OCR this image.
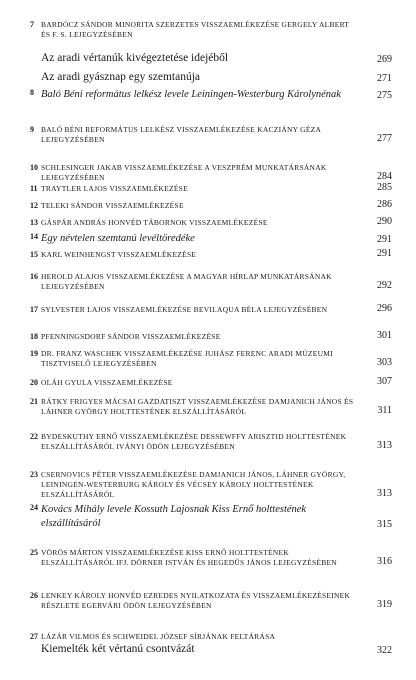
7 BARDÓCZ SÁNDOR MINORITA SZERZETES VISSZAEMLÉKEZÉSE GERGELY ALBERT ÉS F. S. LEJEGYZÉSÉBEN
Az aradi vértanúk kivégeztetése idejéből	269
Az aradi gyásznap egy szemtanúja	271
8 Baló Béni református lelkész levele Leiningen-Westerburg Károlynénak	275
9 BALÓ BÉNI REFORMÁTUS LELKÉSZ VISSZAEMLÉKEZÉSE KACZIÁNY GÉZA LEJEGYZÉSÉBEN	277
10 SCHLESINGER JAKAB VISSZAEMLÉKEZÉSE A VESZPRÉM MUNKATÁRSÁNAK LEJEGYZÉSÉBEN	284
11 TRAYTLER LAJOS VISSZAEMLÉKEZÉSE	285
12 TELEKI SÁNDOR VISSZAEMLÉKEZÉSE	286
13 GÁSPÁR ANDRÁS HONVÉD TÁBORNOK VISSZAEMLÉKEZÉSE	290
14 Egy névtelen szemtanú levéltöredéke	291
15 KARL WEINHENGST VISSZAEMLÉKEZÉSE	291
16 HEROLD ALAJOS VISSZAEMLÉKEZÉSE A MAGYAR HÍRLAP MUNKATÁRSÁNAK LEJEGYZÉSÉBEN	292
17 SYLVESTER LAJOS VISSZAEMLÉKEZÉSE BEVILAQUA BÉLA LEJEGYZÉSÉBEN	296
18 PFENNINGSDORF SÁNDOR VISSZAEMLÉKEZÉSE	301
19 DR. FRANZ WASCHEK VISSZAEMLÉKEZÉSE JUHÁSZ FERENC ARADI MÚZEUMI TISZTVISELŐ LEJEGYZÉSÉBEN	303
20 OLÁH GYULA VISSZAEMLÉKEZÉSE	307
21 RÁTKY FRIGYES MÁCSAI GAZDATISZT VISSZAEMLÉKEZÉSE DAMJANICH JÁNOS ÉS LÁHNER GYÖRGY HOLTTESTÉNEK ELSZÁLLÍTÁSÁRÓL	311
22 BYDESKUTHY ERNŐ VISSZAEMLÉKEZÉSE DESSEWFFY ARISZTID HOLTTESTÉNEK ELSZÁLLÍTÁSÁRÓL IVÁNYI ÖDÖN LEJEGYZÉSÉBEN	313
23 CSERNOVICS PÉTER VISSZAEMLÉKEZÉSE DAMJANICH JÁNOS, LÁHNER GYÖRGY, LEININGEN-WESTERBURG KÁROLY ÉS VÉCSEY KÁROLY HOLTTESTÉNEK ELSZÁLLÍTÁSÁRÓL	313
24 Kovács Mihály levele Kossuth Lajosnak Kiss Ernő holttestének elszállításáról	315
25 VÖRÖS MÁRTON VISSZAEMLÉKEZÉSE KISS ERNŐ HOLTTESTÉNEK ELSZÁLLÍTÁSÁRÓL IFJ. DÖRNER ISTVÁN ÉS HEGEDŰS JÁNOS LEJEGYZÉSÉBEN	316
26 LENKEY KÁROLY HONVÉD EZREDES NYILATKOZATA ÉS VISSZAEMLÉKEZÉSEINEK RÉSZLETE EGERVÁRI ÖDÖN LEJEGYZÉSÉBEN	319
27 LÁZÁR VILMOS ÉS SCHWEIDEL JÓZSEF SÍRJÁNAK FELTÁRÁSA
Kiemelték két vértanú csontvázát	322
